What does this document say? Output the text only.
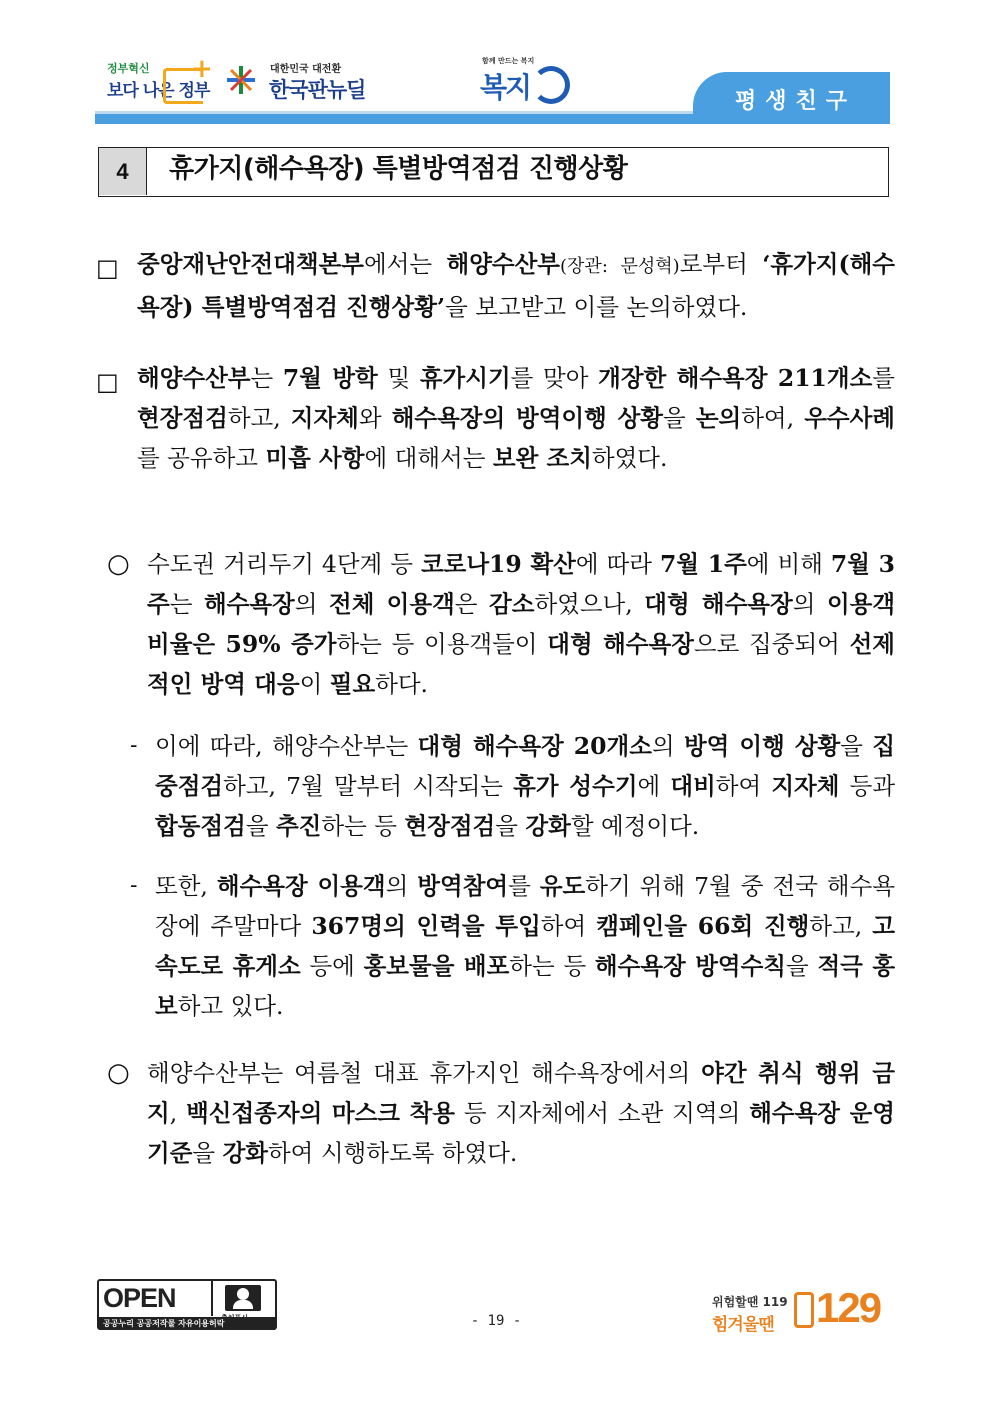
정부혁신
보다 나은 정부
+	대한민국 대전환
한국판뉴딜
함께 만드는 복지
복지	평생친구
4	휴가지(해수욕장) 특별방역점검 진행상황
□ 중앙재난안전대책본부에서는 해양수산부(장관: 문성혁)로부터 ‘휴가지(해수욕장) 특별방역점검 진행상황’을 보고받고 이를 논의하였다.
□ 해양수산부는 7월 방학 및 휴가시기를 맞아 개장한 해수욕장 211개소를 현장점검하고, 지자체와 해수욕장의 방역이행 상황을 논의하여, 우수사례를 공유하고 미흡 사항에 대해서는 보완 조치하였다.
○ 수도권 거리두기 4단계 등 코로나19 확산에 따라 7월 1주에 비해 7월 3주는 해수욕장의 전체 이용객은 감소하였으나, 대형 해수욕장의 이용객 비율은 59% 증가하는 등 이용객들이 대형 해수욕장으로 집중되어 선제적인 방역 대응이 필요하다.
- 이에 따라, 해양수산부는 대형 해수욕장 20개소의 방역 이행 상황을 집중점검하고, 7월 말부터 시작되는 휴가 성수기에 대비하여 지자체 등과 합동점검을 추진하는 등 현장점검을 강화할 예정이다.
- 또한, 해수욕장 이용객의 방역참여를 유도하기 위해 7월 중 전국 해수욕장에 주말마다 367명의 인력을 투입하여 캠페인을 66회 진행하고, 고속도로 휴게소 등에 홍보물을 배포하는 등 해수욕장 방역수칙을 적극 홍보하고 있다.
○ 해양수산부는 여름철 대표 휴가지인 해수욕장에서의 야간 취식 행위 금지, 백신접종자의 마스크 착용 등 지자체에서 소관 지역의 해수욕장 운영기준을 강화하여 시행하도록 하였다.
OPEN
공공누리 공공저작물 자유이용허락	- 19 -
위험할땐 119
힘겨울땐 129
